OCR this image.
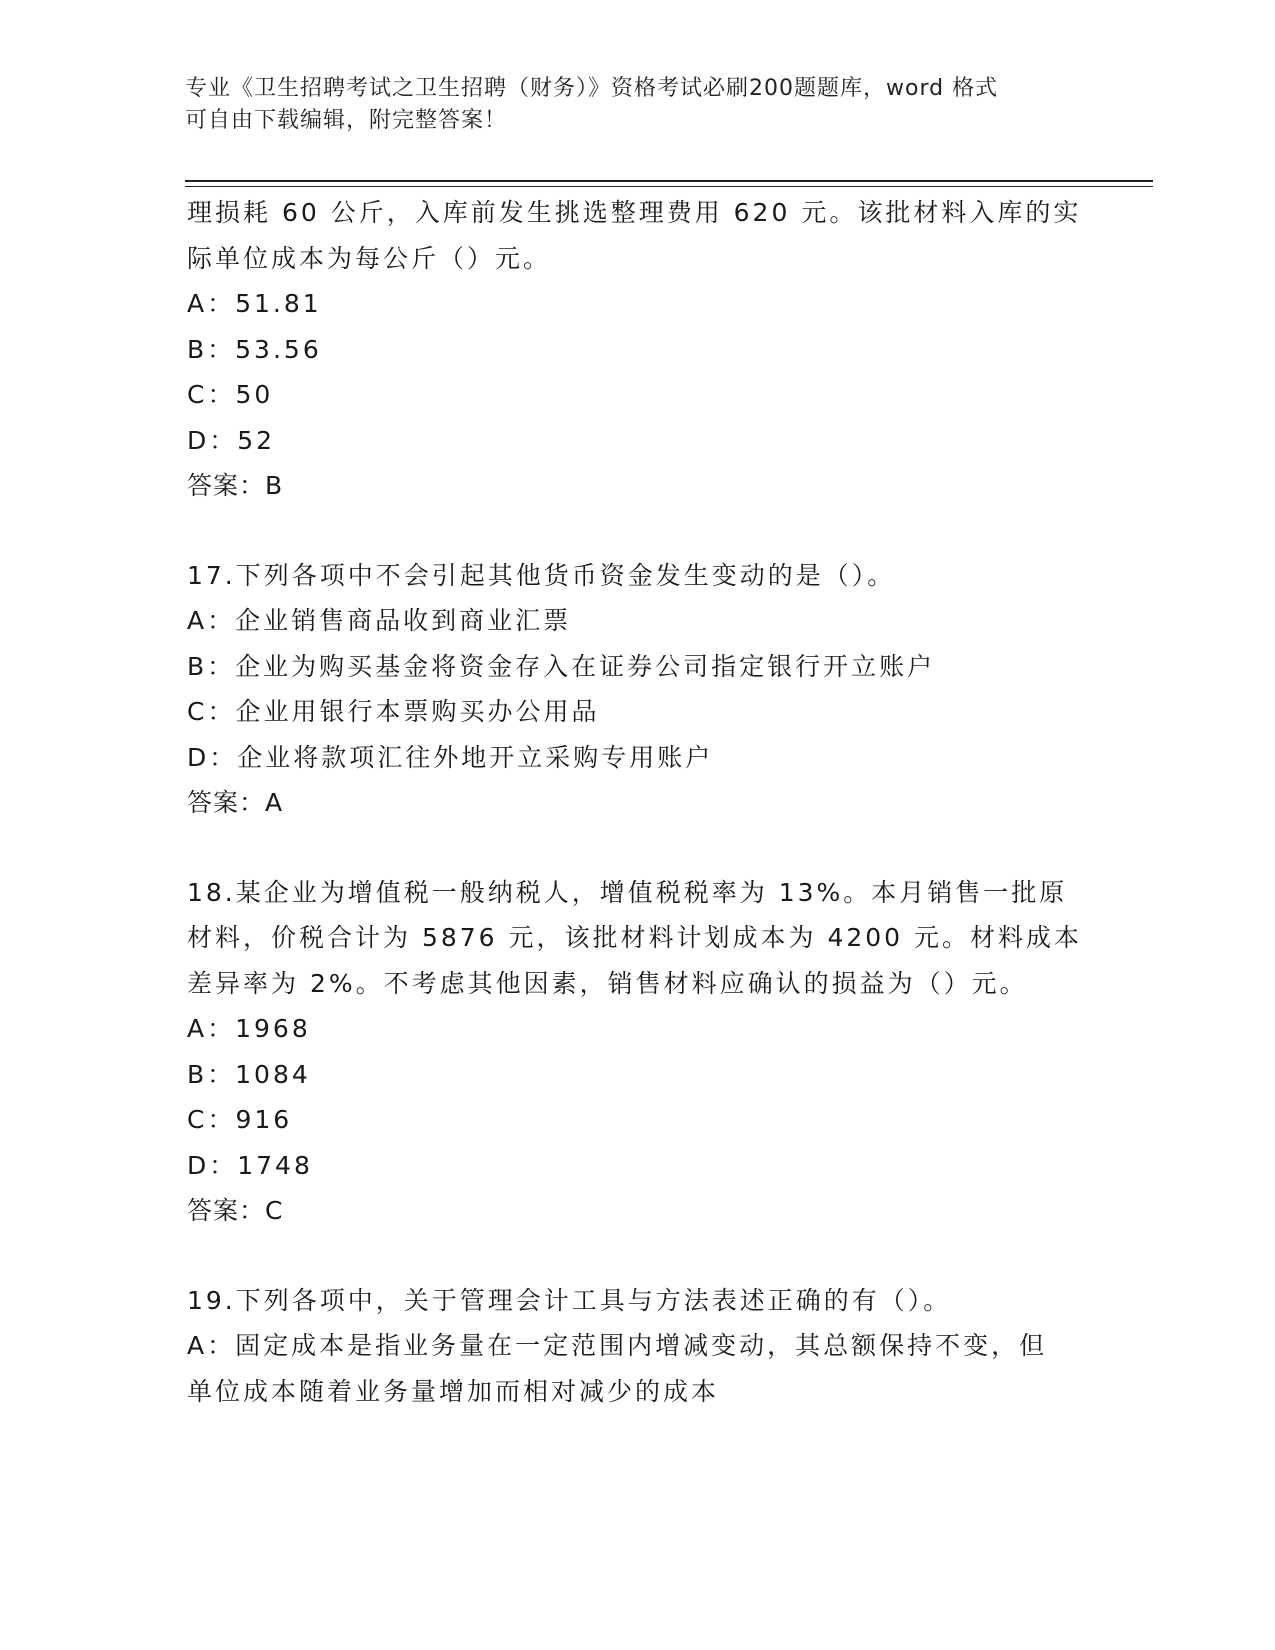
专业《卫生招聘考试之卫生招聘（财务）》资格考试必刷200题题库，word 格式
可自由下载编辑，附完整答案！
理损耗 60 公斤，入库前发生挑选整理费用 620 元。该批材料入库的实
际单位成本为每公斤（）元。
A：51.81
B：53.56
C：50
D：52
答案：B
17.下列各项中不会引起其他货币资金发生变动的是（）。
A：企业销售商品收到商业汇票
B：企业为购买基金将资金存入在证券公司指定银行开立账户
C：企业用银行本票购买办公用品
D：企业将款项汇往外地开立采购专用账户
答案：A
18.某企业为增值税一般纳税人，增值税税率为 13%。本月销售一批原
材料，价税合计为 5876 元，该批材料计划成本为 4200 元。材料成本
差异率为 2%。不考虑其他因素，销售材料应确认的损益为（）元。
A：1968
B：1084
C：916
D：1748
答案：C
19.下列各项中，关于管理会计工具与方法表述正确的有（）。
A：固定成本是指业务量在一定范围内增减变动，其总额保持不变，但
单位成本随着业务量增加而相对减少的成本
